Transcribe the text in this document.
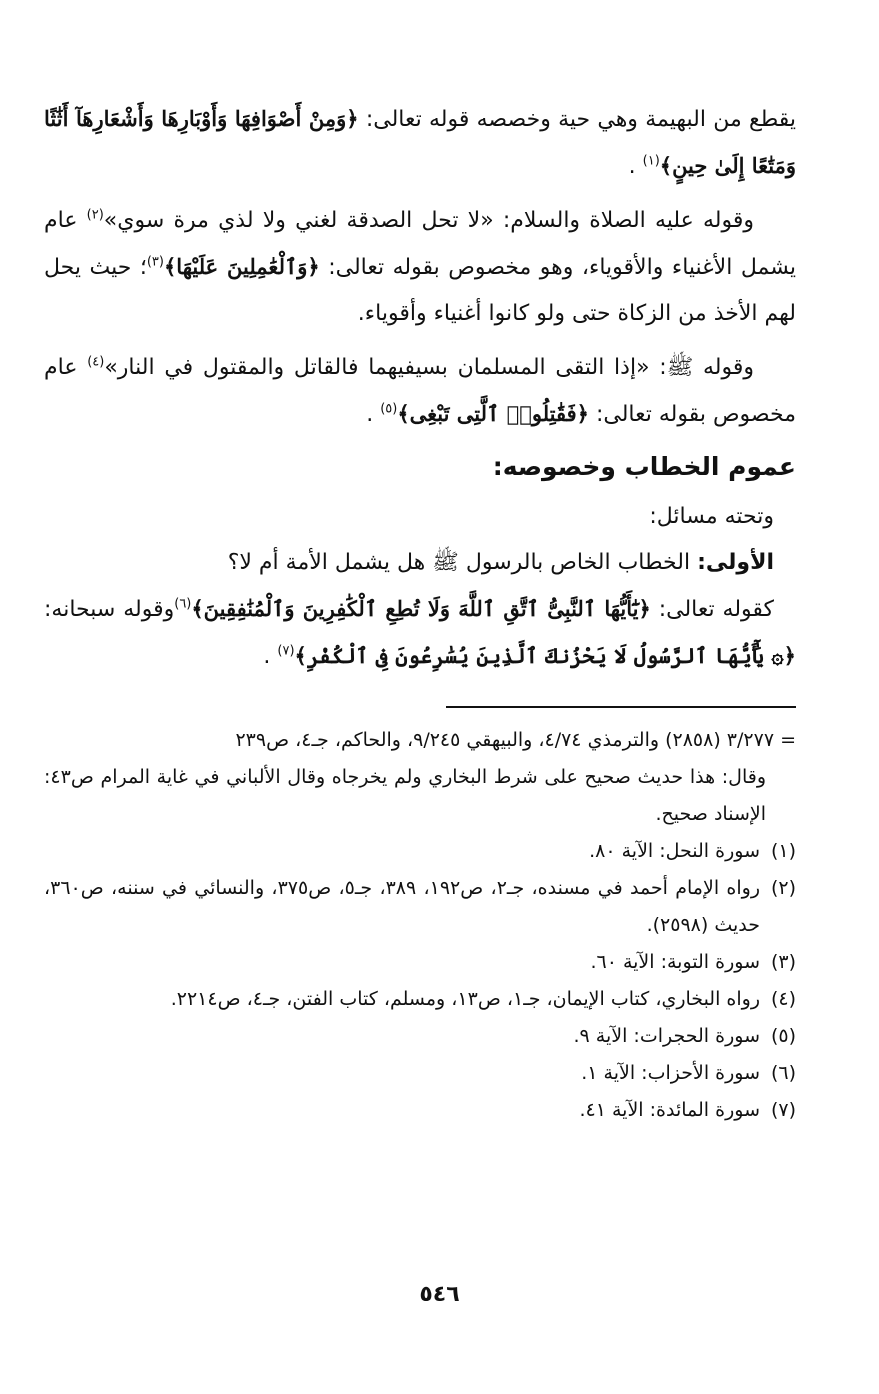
يقطع من البهيمة وهي حية وخصصه قوله تعالى: ﴿وَمِنْ أَصْوَافِهَا وَأَوْبَارِهَا وَأَشْعَارِهَآ أَثَٰثًا وَمَتَٰعًا إِلَىٰ حِينٍ﴾$^{(١)}$ .

وقوله عليه الصلاة والسلام: «لا تحل الصدقة لغني ولا لذي مرة سوي»$^{(٢)}$ عام يشمل الأغنياء والأقوياء، وهو مخصوص بقوله تعالى: ﴿وَٱلْعَٰمِلِينَ عَلَيْهَا﴾$^{(٣)}$؛ حيث يحل لهم الأخذ من الزكاة حتى ولو كانوا أغنياء وأقوياء.

وقوله ﷺ: «إذا التقى المسلمان بسيفيهما فالقاتل والمقتول في النار»$^{(٤)}$ عام مخصوص بقوله تعالى: ﴿فَقَٰتِلُوا۟ ٱلَّتِى تَبْغِى﴾$^{(٥)}$ .

عموم الخطاب وخصوصه:

وتحته مسائل:

الأولى: الخطاب الخاص بالرسول ﷺ هل يشمل الأمة أم لا؟

كقوله تعالى: ﴿يَٰٓأَيُّهَا ٱلنَّبِىُّ ٱتَّقِ ٱللَّهَ وَلَا تُطِعِ ٱلْكَٰفِرِينَ وَٱلْمُنَٰفِقِينَ﴾$^{(٦)}$وقوله سبحانه: ﴿۞ يَٰٓأَيُّهَا ٱلرَّسُولُ لَا يَحْزُنكَ ٱلَّذِينَ يُسَٰرِعُونَ فِى ٱلْكُفْرِ﴾$^{(٧)}$ .

= ٣/٢٧٧ (٢٨٥٨) والترمذي ٤/٧٤، والبيهقي ٩/٢٤٥، والحاكم، جـ٤، ص٢٣٩

وقال: هذا حديث صحيح على شرط البخاري ولم يخرجاه وقال الألباني في غاية المرام ص٤٣: الإسناد صحيح.

(١)سورة النحل: الآية ٨٠.

(٢)رواه الإمام أحمد في مسنده، جـ٢، ص١٩٢، ٣٨٩، جـ٥، ص٣٧٥، والنسائي في سننه، ص٣٦٠، حديث (٢٥٩٨).

(٣)سورة التوبة: الآية ٦٠.

(٤)رواه البخاري، كتاب الإيمان، جـ١، ص١٣، ومسلم، كتاب الفتن، جـ٤، ص٢٢١٤.

(٥)سورة الحجرات: الآية ٩.

(٦)سورة الأحزاب: الآية ١.

(٧)سورة المائدة: الآية ٤١.

٥٤٦
